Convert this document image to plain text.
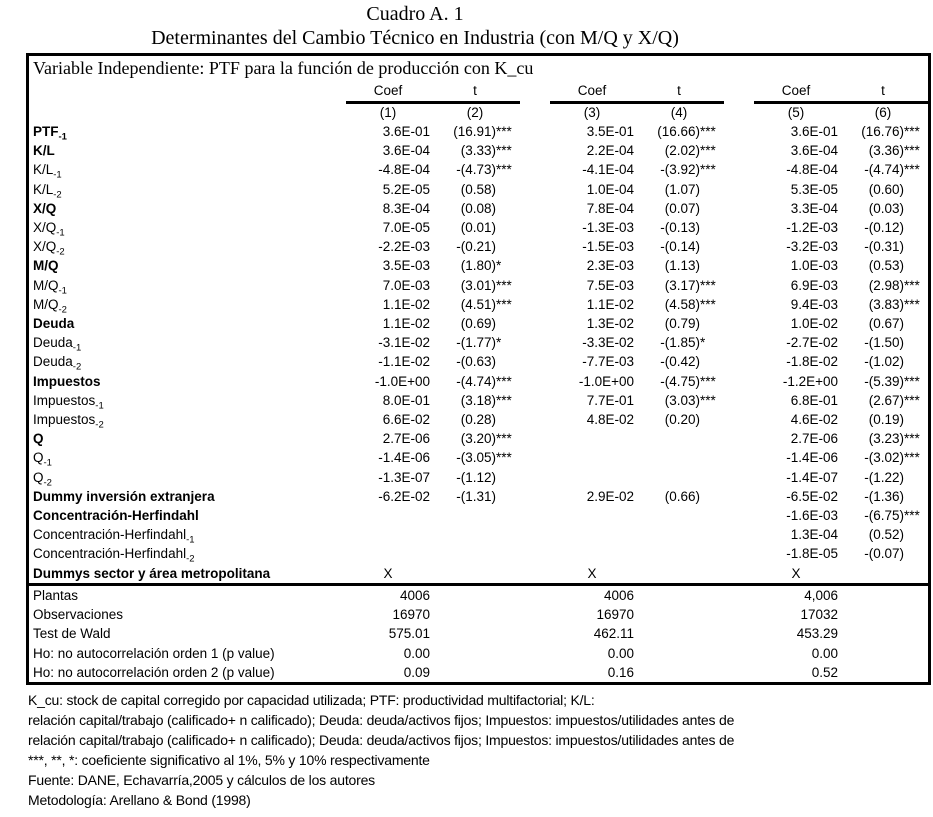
Cuadro A. 1
Determinantes del Cambio Técnico en Industria (con M/Q y X/Q)
Variable Independiente: PTF para la función de producción con K_cu								
	Coef	t		Coef	t		Coef	t
	(1)	(2)		(3)	(4)		(5)	(6)
$PTF_{-1}$	3.6E-01	(16.91)***		3.5E-01	(16.66)***		3.6E-01	(16.76)***
K/L	3.6E-04	(3.33)***		2.2E-04	(2.02)***		3.6E-04	(3.36)***
$K/L_{-1}$	-4.8E-04	-(4.73)***		-4.1E-04	-(3.92)***		-4.8E-04	-(4.74)***
$K/L_{-2}$	5.2E-05	(0.58)		1.0E-04	(1.07)		5.3E-05	(0.60)
X/Q	8.3E-04	(0.08)		7.8E-04	(0.07)		3.3E-04	(0.03)
$X/Q_{-1}$	7.0E-05	(0.01)		-1.3E-03	-(0.13)		-1.2E-03	-(0.12)
$X/Q_{-2}$	-2.2E-03	-(0.21)		-1.5E-03	-(0.14)		-3.2E-03	-(0.31)
M/Q	3.5E-03	(1.80)*		2.3E-03	(1.13)		1.0E-03	(0.53)
$M/Q_{-1}$	7.0E-03	(3.01)***		7.5E-03	(3.17)***		6.9E-03	(2.98)***
$M/Q_{-2}$	1.1E-02	(4.51)***		1.1E-02	(4.58)***		9.4E-03	(3.83)***
Deuda	1.1E-02	(0.69)		1.3E-02	(0.79)		1.0E-02	(0.67)
Deuda$_{-1}$	-3.1E-02	-(1.77)*		-3.3E-02	-(1.85)*		-2.7E-02	-(1.50)
Deuda$_{-2}$	-1.1E-02	-(0.63)		-7.7E-03	-(0.42)		-1.8E-02	-(1.02)
Impuestos	-1.0E+00	-(4.74)***		-1.0E+00	-(4.75)***		-1.2E+00	-(5.39)***
Impuestos$_{-1}$	8.0E-01	(3.18)***		7.7E-01	(3.03)***		6.8E-01	(2.67)***
Impuestos$_{-2}$	6.6E-02	(0.28)		4.8E-02	(0.20)		4.6E-02	(0.19)
Q	2.7E-06	(3.20)***					2.7E-06	(3.23)***
$Q_{-1}$	-1.4E-06	-(3.05)***					-1.4E-06	-(3.02)***
$Q_{-2}$	-1.3E-07	-(1.12)					-1.4E-07	-(1.22)
Dummy inversión extranjera	-6.2E-02	-(1.31)		2.9E-02	(0.66)		-6.5E-02	-(1.36)
Concentración-Herfindahl							-1.6E-03	-(6.75)***
Concentración-Herfindahl$_{-1}$							1.3E-04	(0.52)
Concentración-Herfindahl$_{-2}$							-1.8E-05	-(0.07)
Dummys sector y área metropolitana	X			X			X	
Plantas	4006			4006			4,006	
Observaciones	16970			16970			17032	
Test de Wald	575.01			462.11			453.29	
Ho: no autocorrelación orden 1 (p value)	0.00			0.00			0.00	
Ho: no autocorrelación orden 2 (p value)	0.09			0.16			0.52	
K_cu: stock de capital corregido por capacidad utilizada; PTF: productividad multifactorial; K/L:
relación capital/trabajo (calificado+ n calificado); Deuda: deuda/activos fijos; Impuestos: impuestos/utilidades antes de
relación capital/trabajo (calificado+ n calificado); Deuda: deuda/activos fijos; Impuestos: impuestos/utilidades antes de
***, **, *: coeficiente significativo al 1%, 5% y 10% respectivamente
Fuente: DANE, Echavarría,2005 y cálculos de los autores
Metodología: Arellano & Bond (1998)
